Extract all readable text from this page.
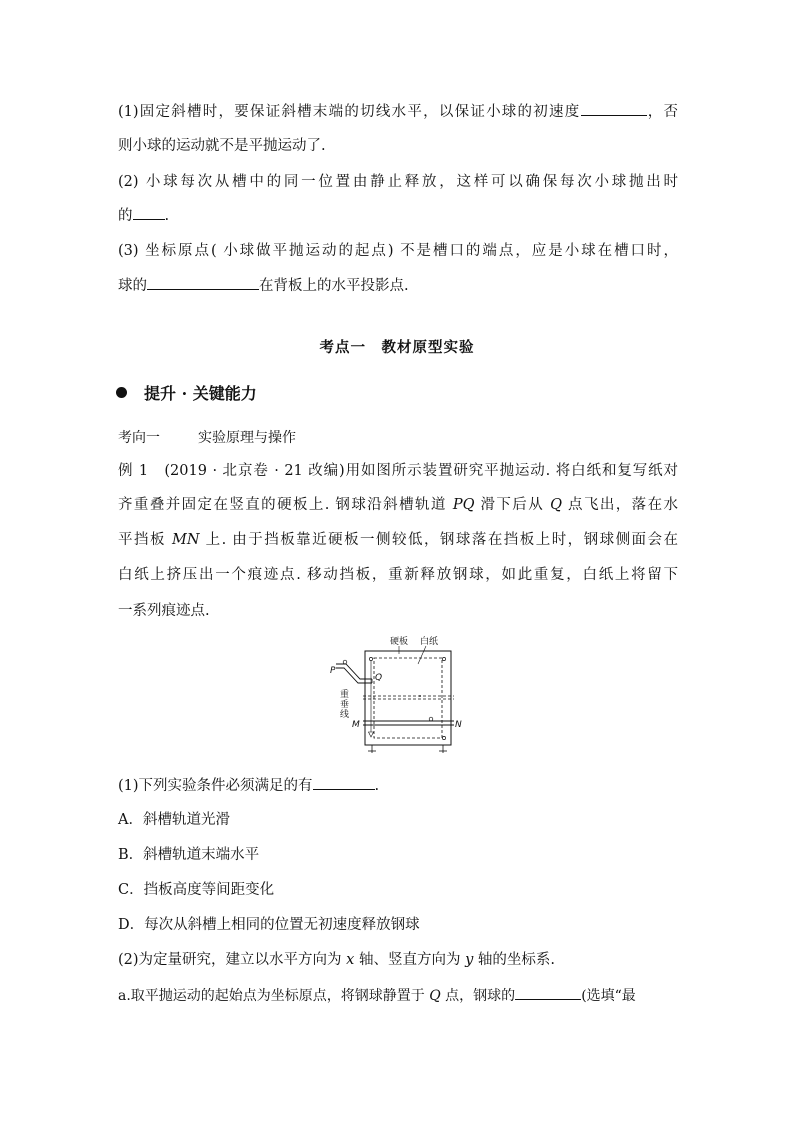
(1)固定斜槽时，要保证斜槽末端的切线水平，以保证小球的初速度	，否
则小球的运动就不是平抛运动了.
(2) 小球每次从槽中的同一位置由静止释放，这样可以确保每次小球抛出时
的 .
(3) 坐标原点( 小球做平抛运动的起点) 不是槽口的端点，应是小球在槽口时，
球的	在背板上的水平投影点.
考点一　教材原型实验
提升 · 关键能力
考向一	实验原理与操作
例 1　(2019 · 北京卷 · 21 改编)用如图所示装置研究平抛运动. 将白纸和复写纸对
齐重叠并固定在竖直的硬板上. 钢球沿斜槽轨道 PQ 滑下后从 Q 点飞出，落在水
平挡板 MN 上. 由于挡板靠近硬板一侧较低，钢球落在挡板上时，钢球侧面会在
白纸上挤压出一个痕迹点. 移动挡板，重新释放钢球，如此重复，白纸上将留下
一系列痕迹点.
硬板 白纸
P
Q
重
垂
线
M	N
(1)下列实验条件必须满足的有	.
A．斜槽轨道光滑
B．斜槽轨道末端水平
C．挡板高度等间距变化
D．每次从斜槽上相同的位置无初速度释放钢球
(2)为定量研究，建立以水平方向为 x 轴、竖直方向为 y 轴的坐标系.
a.取平抛运动的起始点为坐标原点，将钢球静置于 Q 点，钢球的	(选填“最
